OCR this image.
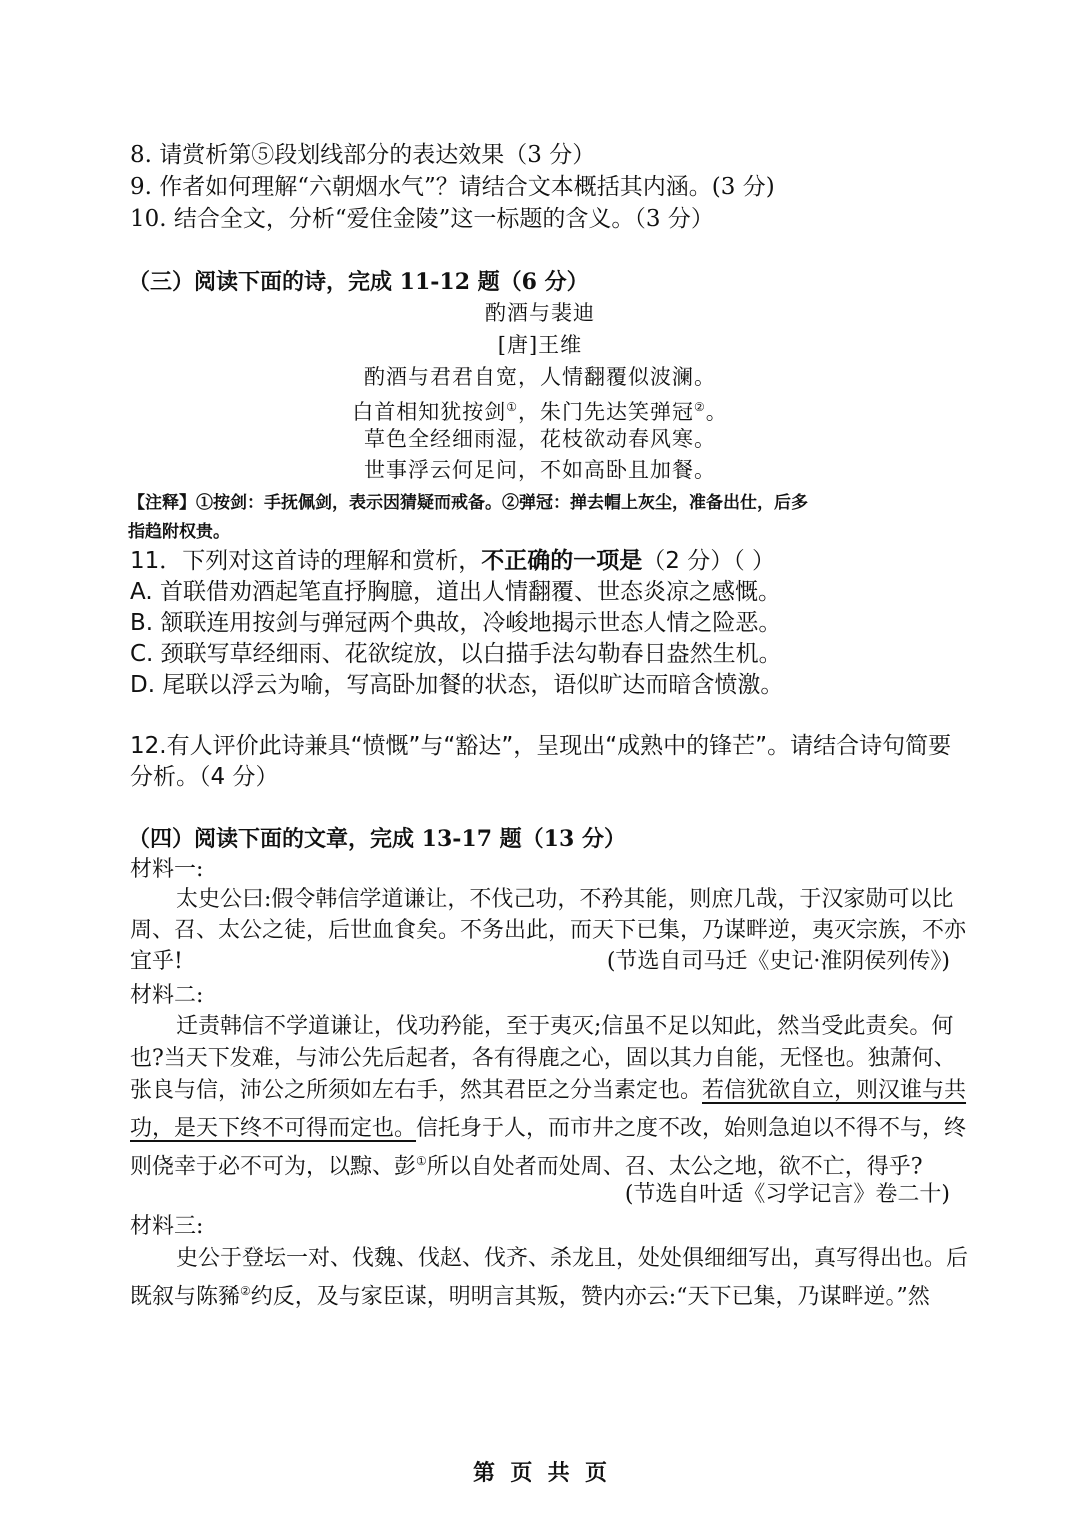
8. 请赏析第⑤段划线部分的表达效果（3 分）
9. 作者如何理解“六朝烟水气”？请结合文本概括其内涵。(3 分)
10. 结合全文，分析“爱住金陵”这一标题的含义。（3 分）
（三）阅读下面的诗，完成 11-12 题（6 分）
酌酒与裴迪
[唐]王维
酌酒与君君自宽，人情翻覆似波澜。
白首相知犹按剑①，朱门先达笑弹冠②。
草色全经细雨湿，花枝欲动春风寒。
世事浮云何足问，不如高卧且加餐。
【注释】①按剑：手抚佩剑，表示因猜疑而戒备。②弹冠：掸去帽上灰尘，准备出仕，后多
指趋附权贵。
11．下列对这首诗的理解和赏析，不正确的一项是（2 分）（ ）
A. 首联借劝酒起笔直抒胸臆，道出人情翻覆、世态炎凉之感慨。
B. 颔联连用按剑与弹冠两个典故，冷峻地揭示世态人情之险恶。
C. 颈联写草经细雨、花欲绽放，以白描手法勾勒春日盎然生机。
D. 尾联以浮云为喻，写高卧加餐的状态，语似旷达而暗含愤激。
12.有人评价此诗兼具“愤慨”与“豁达”，呈现出“成熟中的锋芒”。请结合诗句简要
分析。（4 分）
（四）阅读下面的文章，完成 13-17 题（13 分）
材料一:
太史公曰:假令韩信学道谦让，不伐己功，不矜其能，则庶几哉，于汉家勋可以比
周、召、太公之徒，后世血食矣。不务出此，而天下已集，乃谋畔逆，夷灭宗族，不亦
宜乎!	(节选自司马迁《史记·淮阴侯列传》)
材料二:
迁责韩信不学道谦让，伐功矜能，至于夷灭;信虽不足以知此，然当受此责矣。何
也?当天下发难，与沛公先后起者，各有得鹿之心，固以其力自能，无怪也。独萧何、
张良与信，沛公之所须如左右手，然其君臣之分当素定也。若信犹欲自立，则汉谁与共
功，是天下终不可得而定也。信托身于人，而市井之度不改，始则急迫以不得不与，终
则侥幸于必不可为，以黥、彭①所以自处者而处周、召、太公之地，欲不亡，得乎?
(节选自叶适《习学记言》卷二十)
材料三:
史公于登坛一对、伐魏、伐赵、伐齐、杀龙且，处处俱细细写出，真写得出也。后
既叙与陈豨②约反，及与家臣谋，明明言其叛，赞内亦云:“天下已集，乃谋畔逆。”然
第  页  共  页
